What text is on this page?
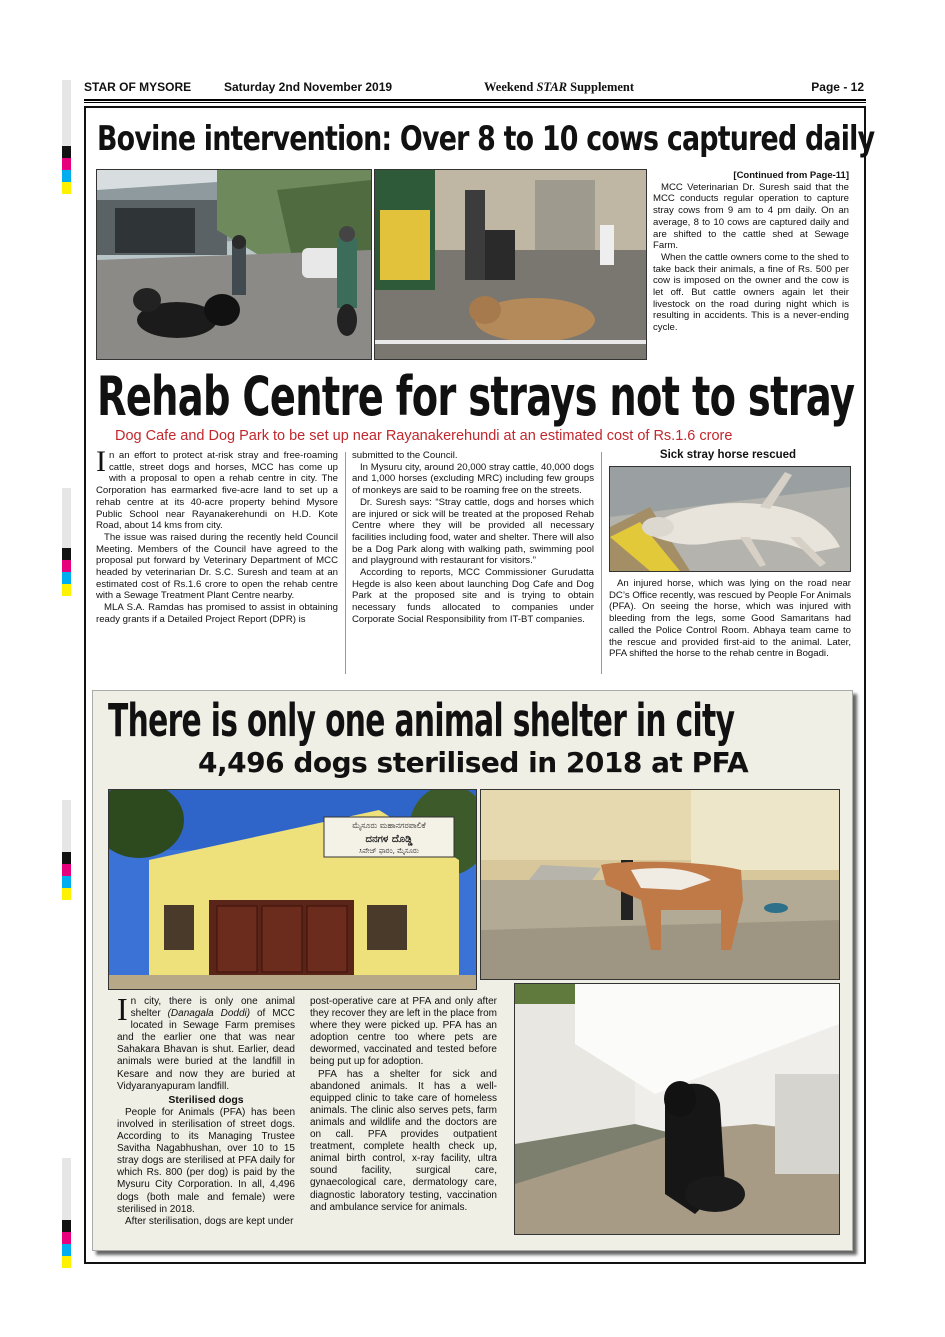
STAR OF MYSORE	Saturday 2nd November 2019	Weekend STAR Supplement	Page - 12
Bovine intervention: Over 8 to 10 cows captured daily
[Continued from Page-11]

MCC Veterinarian Dr. Suresh said that the MCC conducts regular operation to capture stray cows from 9 am to 4 pm daily. On an average, 8 to 10 cows are captured daily and are shifted to the cattle shed at Sewage Farm.

When the cattle owners come to the shed to take back their animals, a fine of Rs. 500 per cow is imposed on the owner and the cow is let off. But cattle owners again let their livestock on the road during night which is resulting in accidents. This is a never-ending cycle.

Rehab Centre for strays not to stray
Dog Cafe and Dog Park to be set up near Rayanakerehundi at an estimated cost of Rs.1.6 crore
I n an effort to protect at-risk stray and free-roaming cattle, street dogs and horses, MCC has come up with a proposal to open a rehab centre in city. The Corporation has earmarked five-acre land to set up a rehab centre at its 40-acre property behind Mysore Public School near Rayanakerehundi on H.D. Kote Road, about 14 kms from city.

The issue was raised during the recently held Council Meeting. Members of the Council have agreed to the proposal put forward by Veterinary Department of MCC headed by veterinarian Dr. S.C. Suresh and team at an estimated cost of Rs.1.6 crore to open the rehab centre with a Sewage Treatment Plant Centre nearby.

MLA S.A. Ramdas has promised to assist in obtaining ready grants if a Detailed Project Report (DPR) is

submitted to the Council.

In Mysuru city, around 20,000 stray cattle, 40,000 dogs and 1,000 horses (excluding MRC) including few groups of monkeys are said to be roaming free on the streets.

Dr. Suresh says: “Stray cattle, dogs and horses which are injured or sick will be treated at the proposed Rehab Centre where they will be provided all necessary facilities including food, water and shelter. There will also be a Dog Park along with walking path, swimming pool and playground with restaurant for visitors.”

According to reports, MCC Commissioner Gurudatta Hegde is also keen about launching Dog Cafe and Dog Park at the proposed site and is trying to obtain necessary funds allocated to companies under Corporate Social Responsibility from IT-BT companies.

Sick stray horse rescued

An injured horse, which was lying on the road near DC’s Office recently, was rescued by People For Animals (PFA). On seeing the horse, which was injured with bleeding from the legs, some Good Samaritans had called the Police Control Room. Abhaya team came to the rescue and provided first-aid to the animal. Later, PFA shifted the horse to the rehab centre in Bogadi.

There is only one animal shelter in city
4,496 dogs sterilised in 2018 at PFA
ಮೈಸೂರು ಮಹಾನಗರಪಾಲಿಕೆ
ದನಗಳ ದೊಡ್ಡಿ
ಸಿವೇಜ್ ಫಾರಂ, ಮೈಸೂರು
I n city, there is only one animal shelter (Danagala Doddi) of MCC located in Sewage Farm premises and the earlier one that was near Sahakara Bhavan is shut. Earlier, dead animals were buried at the landfill in Kesare and now they are buried at Vidyaranyapuram landfill.
Sterilised dogs

People for Animals (PFA) has been involved in sterilisation of street dogs. According to its Managing Trustee Savitha Nagabhushan, over 10 to 15 stray dogs are sterilised at PFA daily for which Rs. 800 (per dog) is paid by the Mysuru City Corporation. In all, 4,496 dogs (both male and female) were sterilised in 2018.

After sterilisation, dogs are kept under

post-operative care at PFA and only after they recover they are left in the place from where they were picked up. PFA has an adoption centre too where pets are dewormed, vaccinated and tested before being put up for adoption.

PFA has a shelter for sick and abandoned animals. It has a well-equipped clinic to take care of homeless animals. The clinic also serves pets, farm animals and wildlife and the doctors are on call. PFA provides outpatient treatment, complete health check up, animal birth control, x-ray facility, ultra sound facility, surgical care, gynaecological care, dermatology care, diagnostic laboratory testing, vaccination and ambulance service for animals.
